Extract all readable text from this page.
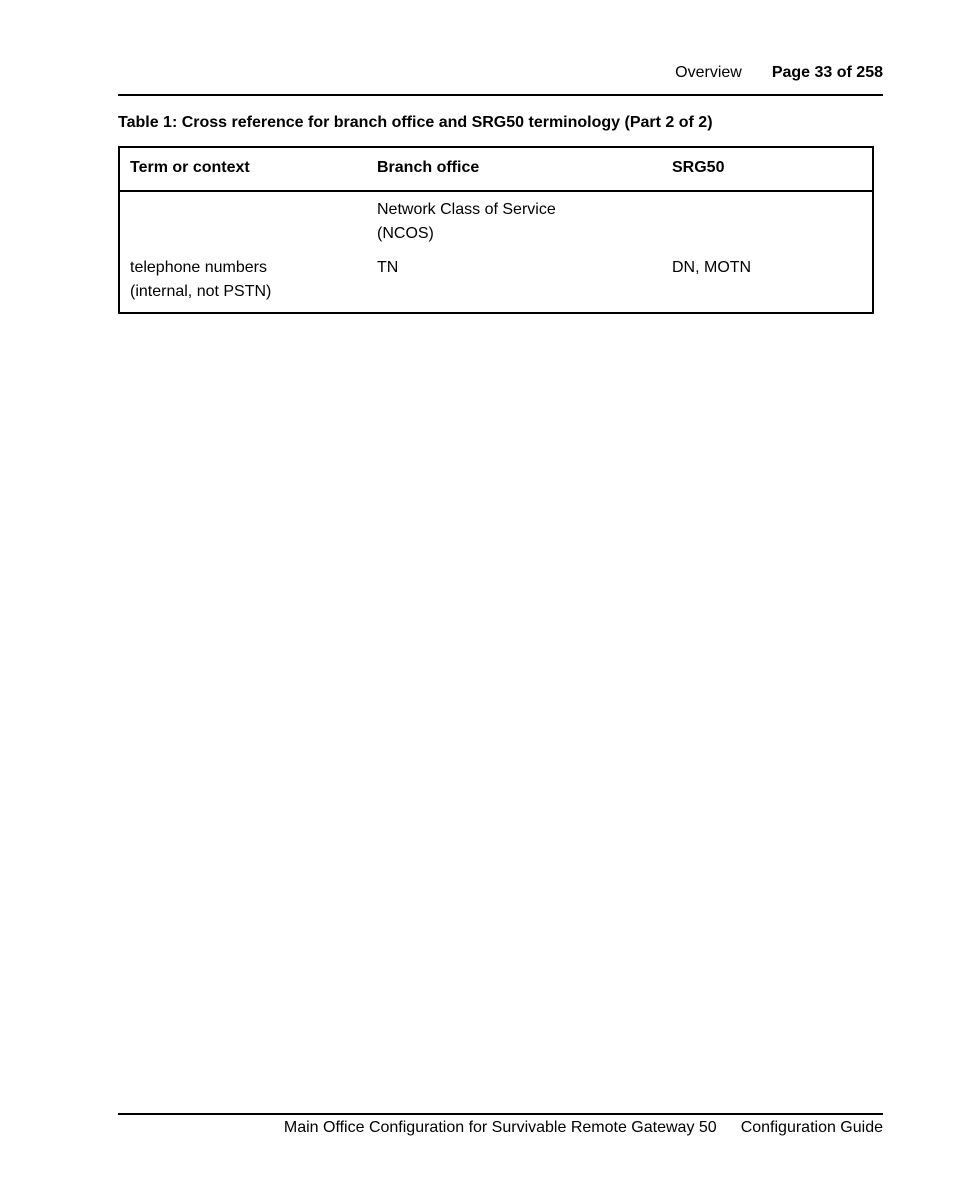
Overview Page 33 of 258
Table 1: Cross reference for branch office and SRG50 terminology (Part 2 of 2)
Term or context	Branch office	SRG50

	Network Class of Service
(NCOS)	

telephone numbers
(internal, not PSTN)	TN	DN, MOTN

Main Office Configuration for Survivable Remote Gateway 50 Configuration Guide
